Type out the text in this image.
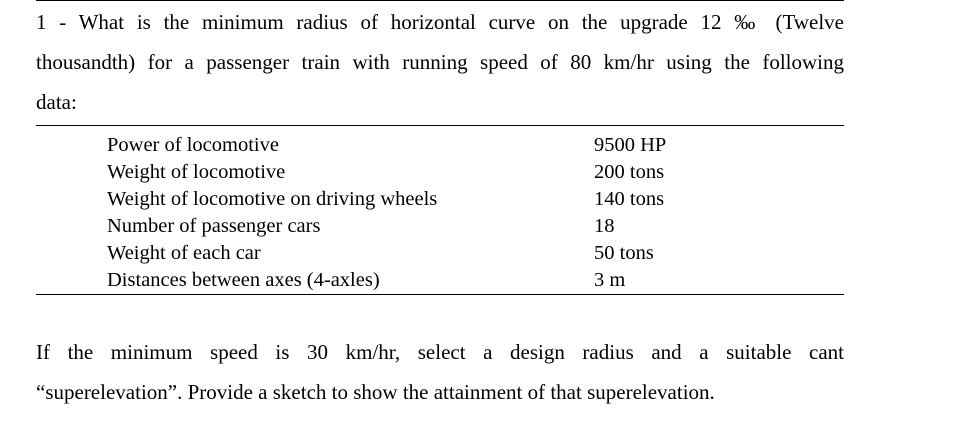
1 - What is the minimum radius of horizontal curve on the upgrade 12 ‰ (Twelve
thousandth) for a passenger train with running speed of 80 km/hr using the following
data:
Power of locomotive	9500 HP
Weight of locomotive	200 tons
Weight of locomotive on driving wheels	140 tons
Number of passenger cars	18
Weight of each car	50 tons
Distances between axes (4-axles)	3 m
If the minimum speed is 30 km/hr, select a design radius and a suitable cant
“superelevation”. Provide a sketch to show the attainment of that superelevation.
